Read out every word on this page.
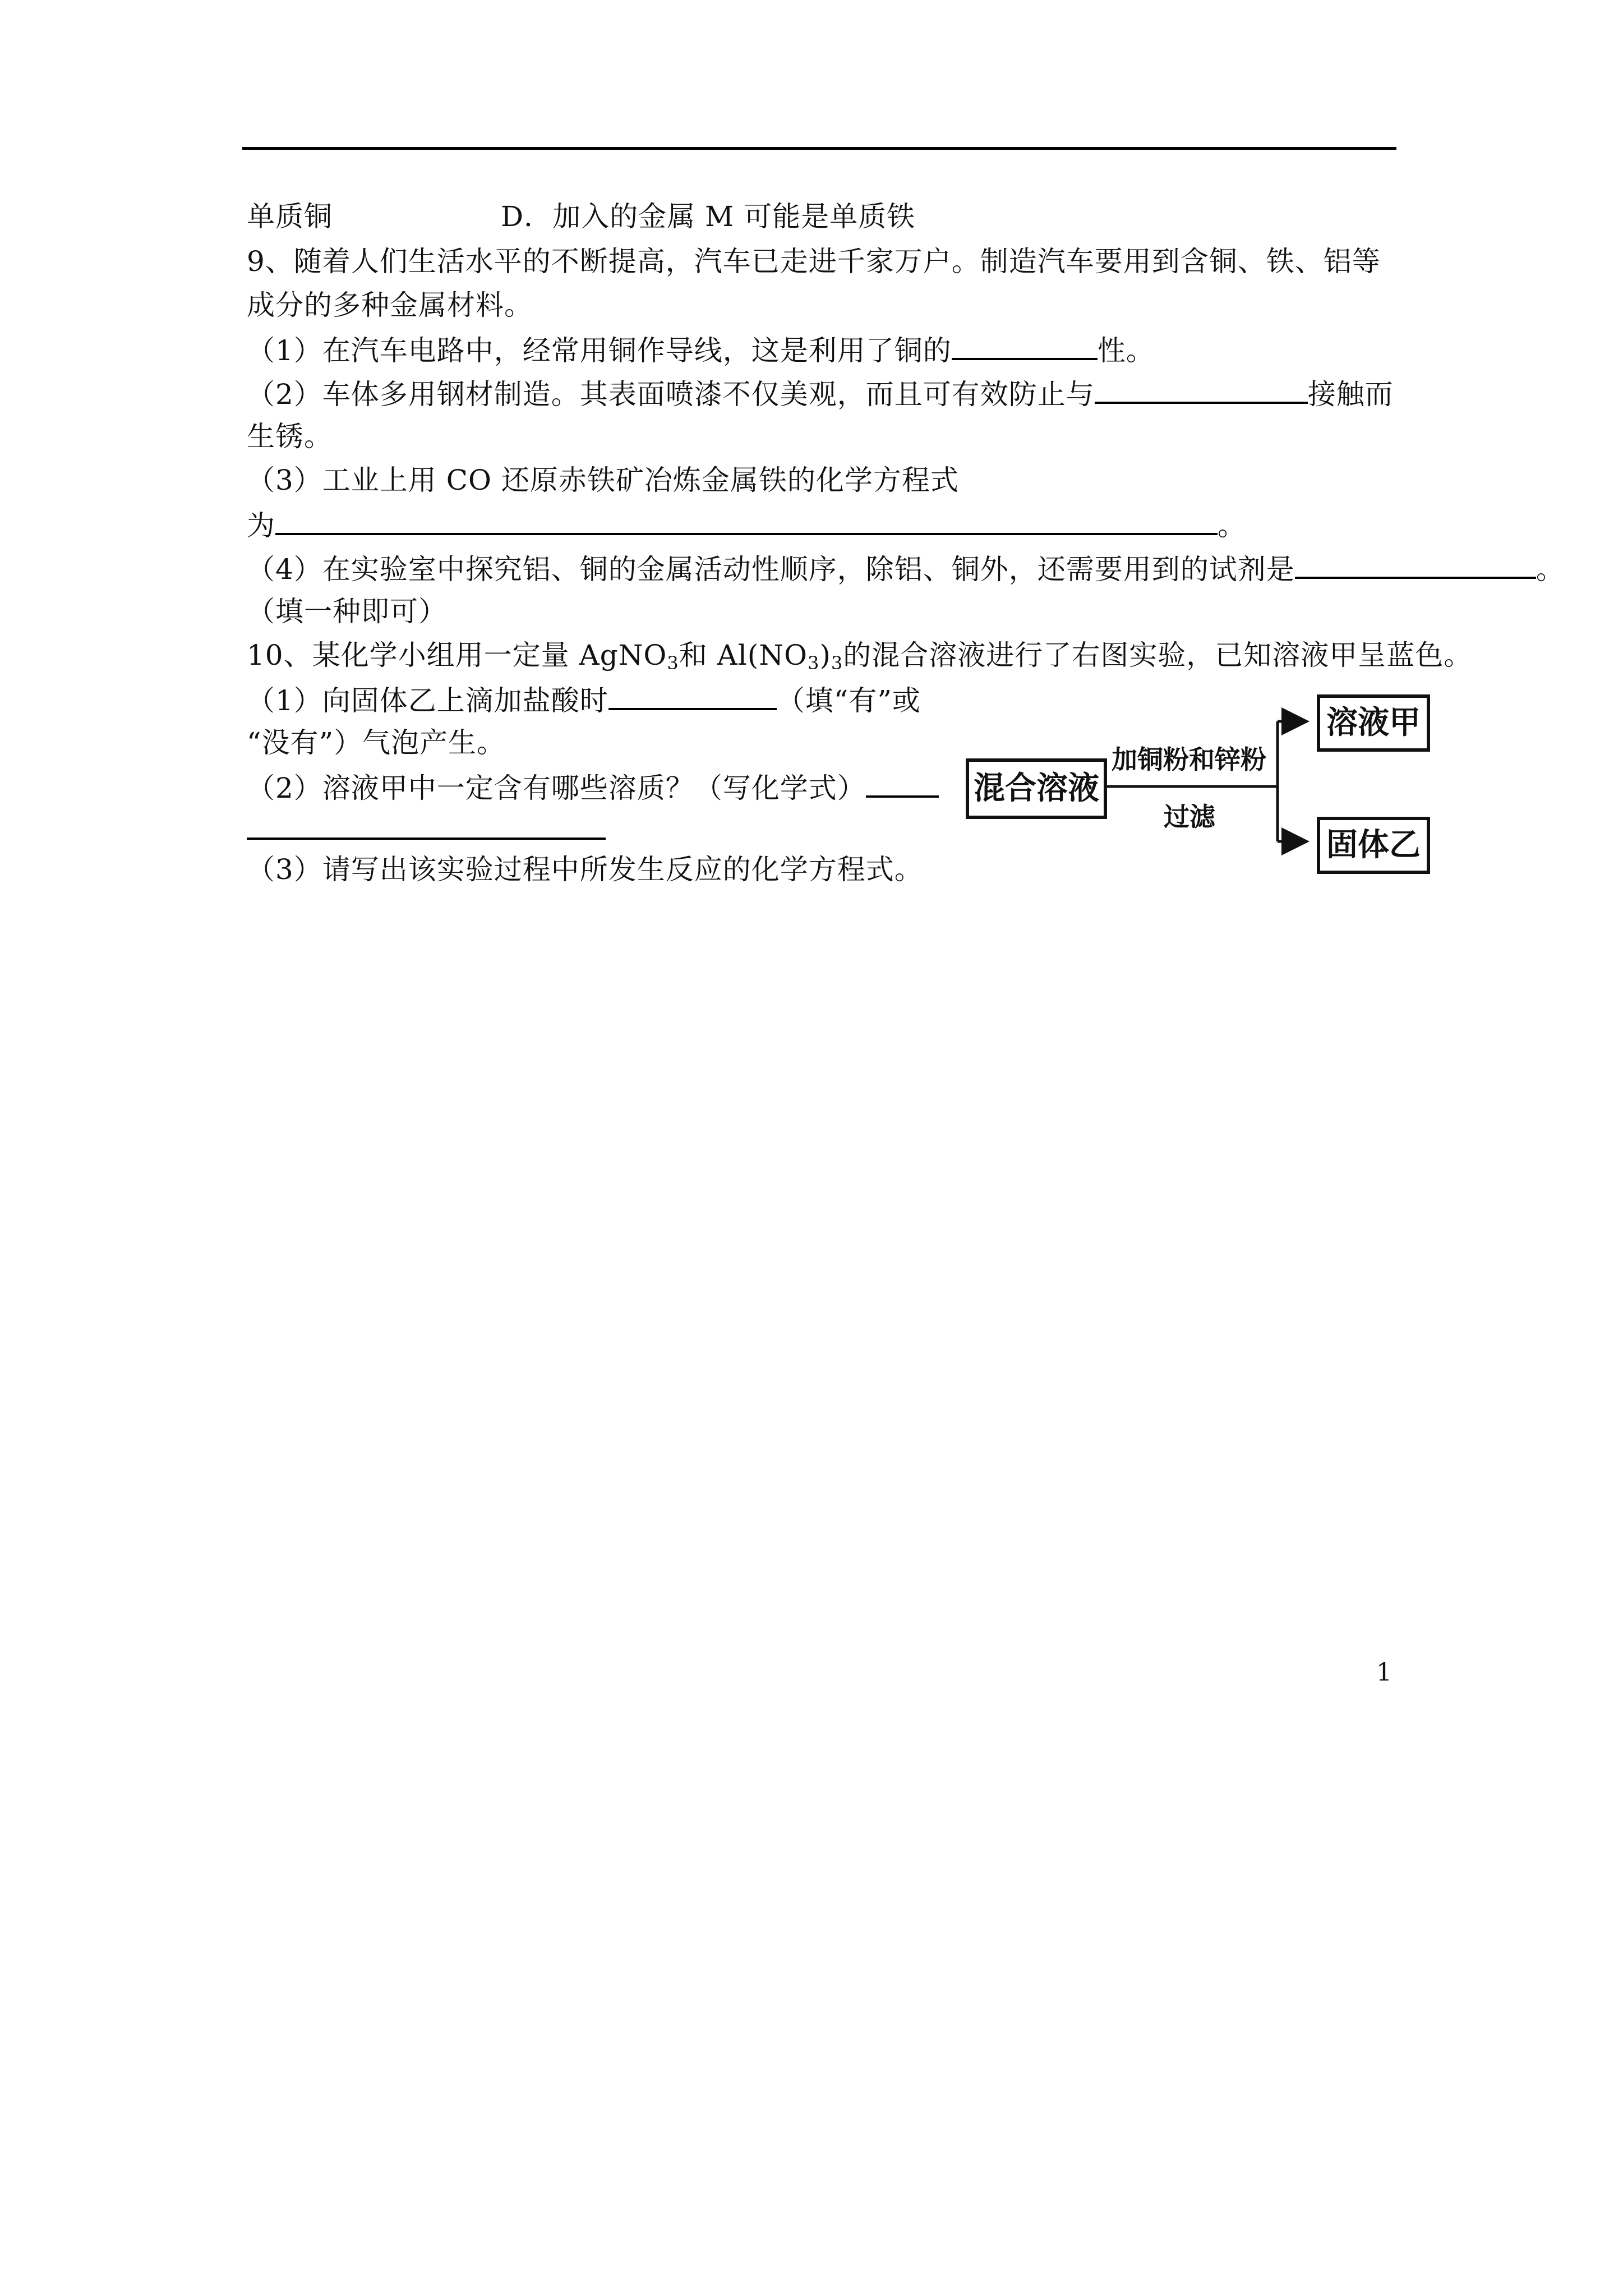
单质铜	D．加入的金属 M 可能是单质铁
9、随着人们生活水平的不断提高，汽车已走进千家万户。制造汽车要用到含铜、铁、铝等
成分的多种金属材料。
（1）在汽车电路中，经常用铜作导线，这是利用了铜的	性。
（2）车体多用钢材制造。其表面喷漆不仅美观，而且可有效防止与	接触而
生锈。
（3）工业上用 CO 还原赤铁矿冶炼金属铁的化学方程式
为	。
（4）在实验室中探究铝、铜的金属活动性顺序，除铝、铜外，还需要用到的试剂是	。
（填一种即可）
10、某化学小组用一定量 AgNO$_3$和 $Al(NO_3)_3$的混合溶液进行了右图实验，已知溶液甲呈蓝色。
（1）向固体乙上滴加盐酸时	（填“有”或
“没有”）气泡产生。
（2）溶液甲中一定含有哪些溶质？（写化学式）
（3）请写出该实验过程中所发生反应的化学方程式。
混合溶液
加铜粉和锌粉
过滤
溶液甲
固体乙
1
